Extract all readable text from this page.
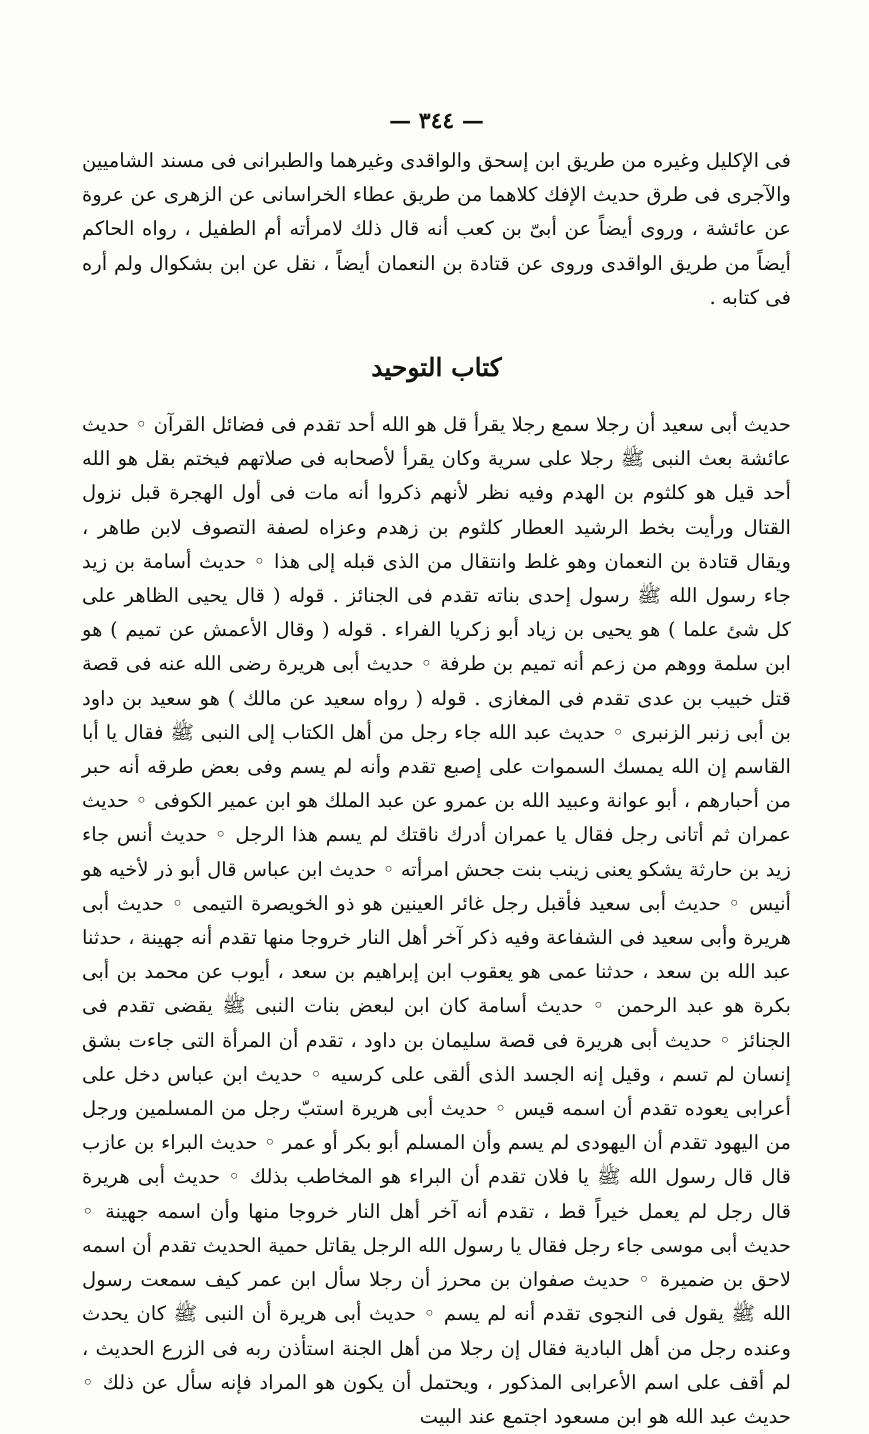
— ٣٤٤ —

فى الإكليل وغيره من طريق ابن إسحق والواقدى وغيرهما والطبرانى فى مسند الشاميين والآجرى فى طرق حديث الإفك كلاهما من طريق عطاء الخراسانى عن الزهرى عن عروة عن عائشة ، وروى أيضاً عن أبىّ بن كعب أنه قال ذلك لامرأته أم الطفيل ، رواه الحاكم أيضاً من طريق الواقدى وروى عن قتادة بن النعمان أيضاً ، نقل عن ابن بشكوال ولم أره فى كتابه .

كتاب التوحيد

حديث أبى سعيد أن رجلا سمع رجلا يقرأ قل هو الله أحد تقدم فى فضائل القرآن ◦ حديث عائشة بعث النبى ﷺ رجلا على سرية وكان يقرأ لأصحابه فى صلاتهم فيختم بقل هو الله أحد قيل هو كلثوم بن الهدم وفيه نظر لأنهم ذكروا أنه مات فى أول الهجرة قبل نزول القتال ورأيت بخط الرشيد العطار كلثوم بن زهدم وعزاه لصفة التصوف لابن طاهر ، ويقال قتادة بن النعمان وهو غلط وانتقال من الذى قبله إلى هذا ◦ حديث أسامة بن زيد جاء رسول الله ﷺ رسول إحدى بناته تقدم فى الجنائز . قوله ( قال يحيى الظاهر على كل شئ علما ) هو يحيى بن زياد أبو زكريا الفراء . قوله ( وقال الأعمش عن تميم ) هو ابن سلمة ووهم من زعم أنه تميم بن طرفة ◦ حديث أبى هريرة رضى الله عنه فى قصة قتل خبيب بن عدى تقدم فى المغازى . قوله ( رواه سعيد عن مالك ) هو سعيد بن داود بن أبى زنبر الزنبرى ◦ حديث عبد الله جاء رجل من أهل الكتاب إلى النبى ﷺ فقال يا أبا القاسم إن الله يمسك السموات على إصبع تقدم وأنه لم يسم وفى بعض طرقه أنه حبر من أحبارهم ، أبو عوانة وعبيد الله بن عمرو عن عبد الملك هو ابن عمير الكوفى ◦ حديث عمران ثم أتانى رجل فقال يا عمران أدرك ناقتك لم يسم هذا الرجل ◦ حديث أنس جاء زيد بن حارثة يشكو يعنى زينب بنت جحش امرأته ◦ حديث ابن عباس قال أبو ذر لأخيه هو أنيس ◦ حديث أبى سعيد فأقبل رجل غائر العينين هو ذو الخويصرة التيمى ◦ حديث أبى هريرة وأبى سعيد فى الشفاعة وفيه ذكر آخر أهل النار خروجا منها تقدم أنه جهينة ، حدثنا عبد الله بن سعد ، حدثنا عمى هو يعقوب ابن إبراهيم بن سعد ، أيوب عن محمد بن أبى بكرة هو عبد الرحمن ◦ حديث أسامة كان ابن لبعض بنات النبى ﷺ يقضى تقدم فى الجنائز ◦ حديث أبى هريرة فى قصة سليمان بن داود ، تقدم أن المرأة التى جاءت بشق إنسان لم تسم ، وقيل إنه الجسد الذى ألقى على كرسيه ◦ حديث ابن عباس دخل على أعرابى يعوده تقدم أن اسمه قيس ◦ حديث أبى هريرة استبّ رجل من المسلمين ورجل من اليهود تقدم أن اليهودى لم يسم وأن المسلم أبو بكر أو عمر ◦ حديث البراء بن عازب قال قال رسول الله ﷺ يا فلان تقدم أن البراء هو المخاطب بذلك ◦ حديث أبى هريرة قال رجل لم يعمل خيراً قط ، تقدم أنه آخر أهل النار خروجا منها وأن اسمه جهينة ◦ حديث أبى موسى جاء رجل فقال يا رسول الله الرجل يقاتل حمية الحديث تقدم أن اسمه لاحق بن ضميرة ◦ حديث صفوان بن محرز أن رجلا سأل ابن عمر كيف سمعت رسول الله ﷺ يقول فى النجوى تقدم أنه لم يسم ◦ حديث أبى هريرة أن النبى ﷺ كان يحدث وعنده رجل من أهل البادية فقال إن رجلا من أهل الجنة استأذن ربه فى الزرع الحديث ، لم أقف على اسم الأعرابى المذكور ، ويحتمل أن يكون هو المراد فإنه سأل عن ذلك ◦ حديث عبد الله هو ابن مسعود اجتمع عند البيت
